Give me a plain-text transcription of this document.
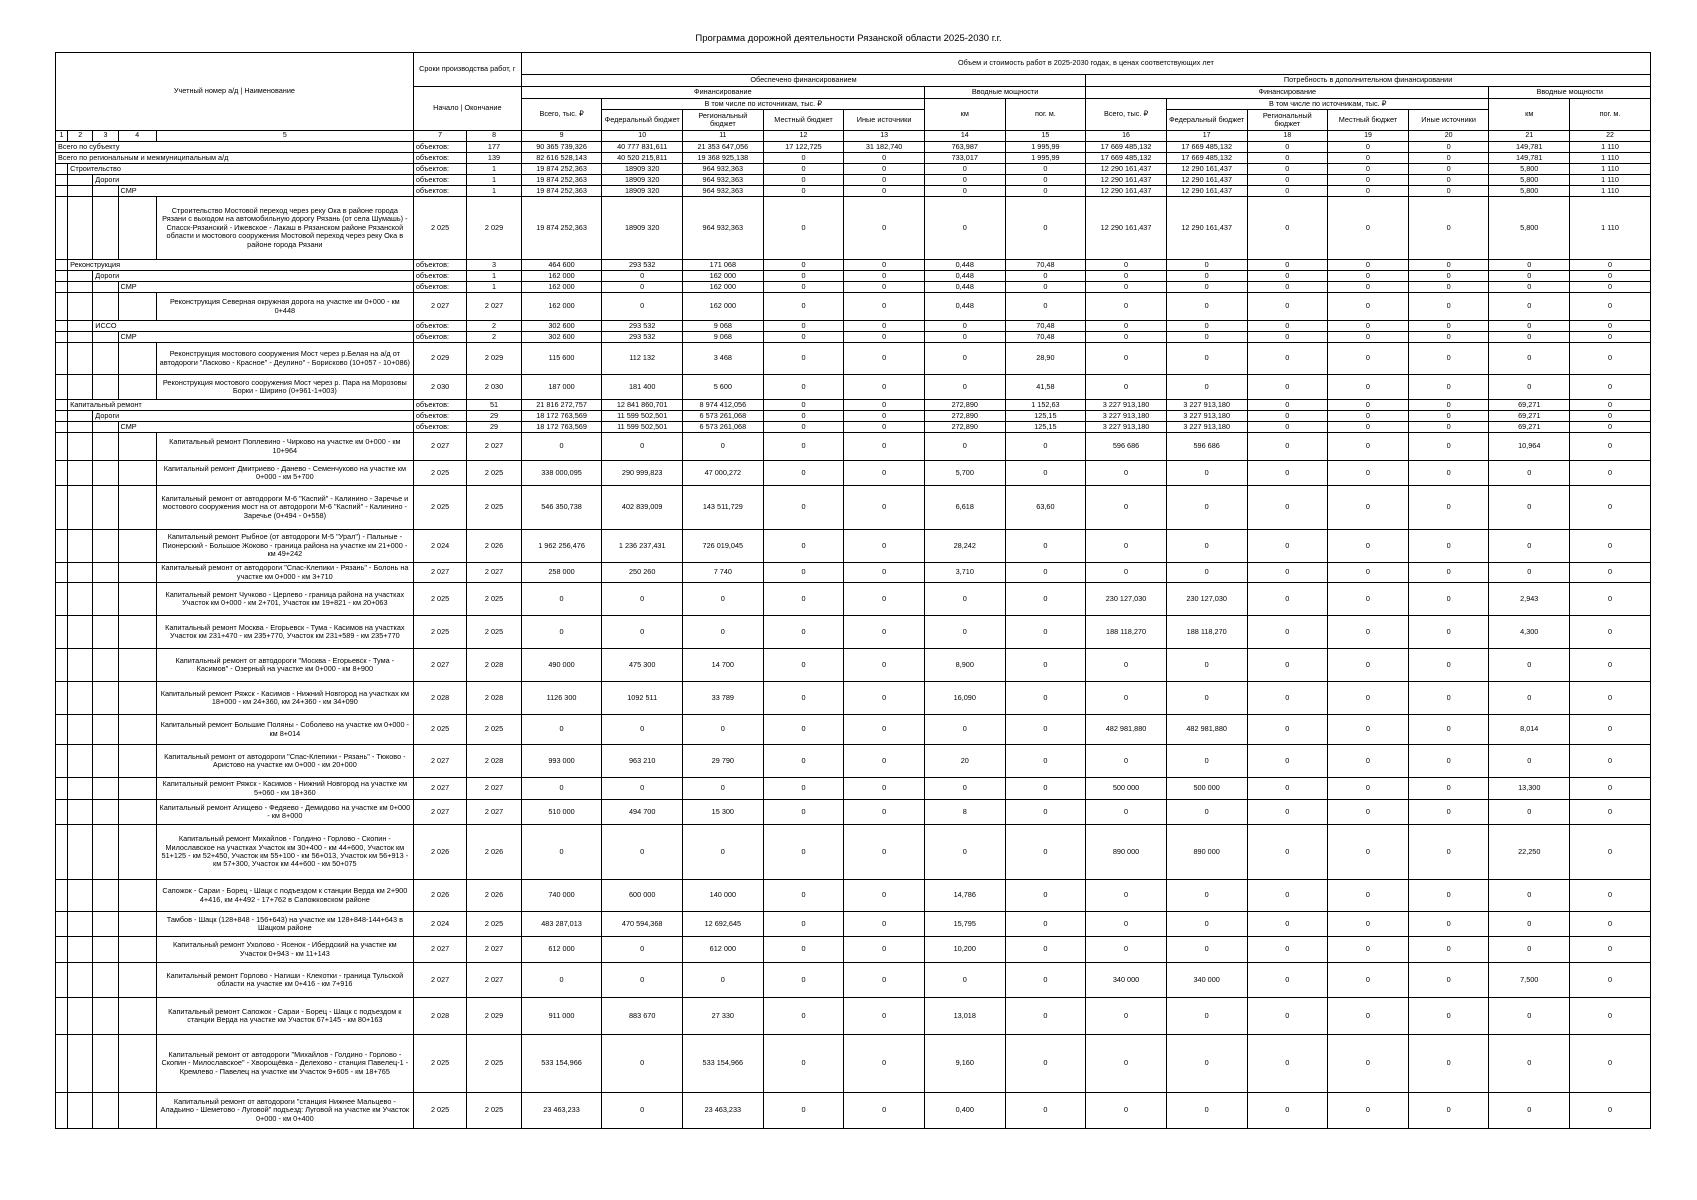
Программа дорожной деятельности Рязанской области 2025-2030 г.г.
Учетный номер а/д | Наименование					Сроки производства работ, г		Объем и стоимость работ в 2025-2030 годах, в ценах соответствующих лет													
							Обеспечено финансированием							Потребность в дополнительном финансировании						
					Начало | Окончание		Финансирование					Вводные мощности		Финансирование					Вводные мощности	
							Всего, тыс. ₽	В том числе по источникам, тыс. ₽				км	пог. м.	Всего, тыс. ₽	В том числе по источникам, тыс. ₽				км	пог. м.
								Федеральный бюджет	Региональный бюджет	Местный бюджет	Иные источники				Федеральный бюджет	Региональный бюджет	Местный бюджет	Иные источники		
1	2	3	4	5	7	8	9	10	11	12	13	14	15	16	17	18	19	20	21	22
Всего по субъекту					объектов:	177	90 365 739,326	40 777 831,611	21 353 647,056	17 122,725	31 182,740	763,987	1 995,99	17 669 485,132	17 669 485,132	0	0	0	149,781	1 110
Всего по региональным и межмуниципальным а/д					объектов:	139	82 616 528,143	40 520 215,811	19 368 925,138	0	0	733,017	1 995,99	17 669 485,132	17 669 485,132	0	0	0	149,781	1 110
	Строительство				объектов:	1	19 874 252,363	18909 320	964 932,363	0	0	0	0	12 290 161,437	12 290 161,437	0	0	0	5,800	1 110
		Дороги			объектов:	1	19 874 252,363	18909 320	964 932,363	0	0	0	0	12 290 161,437	12 290 161,437	0	0	0	5,800	1 110
			СМР		объектов:	1	19 874 252,363	18909 320	964 932,363	0	0	0	0	12 290 161,437	12 290 161,437	0	0	0	5,800	1 110
				Строительство Мостовой переход через реку Ока в районе города Рязани с выходом на автомобильную дорогу Рязань (от села Шумашь) - Спасск-Рязанский - Ижевское - Лакаш в Рязанском районе Рязанской области и мостового сооружения Мостовой переход через реку Ока в районе города Рязани	2 025	2 029	19 874 252,363	18909 320	964 932,363	0	0	0	0	12 290 161,437	12 290 161,437	0	0	0	5,800	1 110
	Реконструкция				объектов:	3	464 600	293 532	171 068	0	0	0,448	70,48	0	0	0	0	0	0	0
		Дороги			объектов:	1	162 000	0	162 000	0	0	0,448	0	0	0	0	0	0	0	0
			СМР		объектов:	1	162 000	0	162 000	0	0	0,448	0	0	0	0	0	0	0	0
				Реконструкция Северная окружная дорога на участке км 0+000 - км 0+448	2 027	2 027	162 000	0	162 000	0	0	0,448	0	0	0	0	0	0	0	0
		ИССО			объектов:	2	302 600	293 532	9 068	0	0	0	70,48	0	0	0	0	0	0	0
			СМР		объектов:	2	302 600	293 532	9 068	0	0	0	70,48	0	0	0	0	0	0	0
				Реконструкция мостового сооружения Мост через р.Белая на а/д от автодороги "Ласково - Красное" - Деулино" - Борисково (10+057 - 10+086)	2 029	2 029	115 600	112 132	3 468	0	0	0	28,90	0	0	0	0	0	0	0
				Реконструкция мостового сооружения Мост через р. Пара на Морозовы Борки - Ширино (0+961-1+003)	2 030	2 030	187 000	181 400	5 600	0	0	0	41,58	0	0	0	0	0	0	0
	Капитальный ремонт				объектов:	51	21 816 272,757	12 841 860,701	8 974 412,056	0	0	272,890	1 152,63	3 227 913,180	3 227 913,180	0	0	0	69,271	0
		Дороги			объектов:	29	18 172 763,569	11 599 502,501	6 573 261,068	0	0	272,890	125,15	3 227 913,180	3 227 913,180	0	0	0	69,271	0
			СМР		объектов:	29	18 172 763,569	11 599 502,501	6 573 261,068	0	0	272,890	125,15	3 227 913,180	3 227 913,180	0	0	0	69,271	0
				Капитальный ремонт Поплевино - Чирково на участке км 0+000 - км 10+964	2 027	2 027	0	0	0	0	0	0	0	596 686	596 686	0	0	0	10,964	0
				Капитальный ремонт Дмитриево - Данево - Семенчуково на участке км 0+000 - км 5+700	2 025	2 025	338 000,095	290 999,823	47 000,272	0	0	5,700	0	0	0	0	0	0	0	0
				Капитальный ремонт от автодороги М-6 "Каспий" - Калинино - Заречье и мостового сооружения мост на от автодороги М-6 "Каспий" - Калинино - Заречье (0+494 - 0+558)	2 025	2 025	546 350,738	402 839,009	143 511,729	0	0	6,618	63,60	0	0	0	0	0	0	0
				Капитальный ремонт Рыбное (от автодороги М-5 "Урал") - Пальные - Пионерский - Большое Жоково - граница района на участке км 21+000 - км 49+242	2 024	2 026	1 962 256,476	1 236 237,431	726 019,045	0	0	28,242	0	0	0	0	0	0	0	0
				Капитальный ремонт от автодороги "Спас-Клепики - Рязань" - Болонь на участке км 0+000 - км 3+710	2 027	2 027	258 000	250 260	7 740	0	0	3,710	0	0	0	0	0	0	0	0
				Капитальный ремонт Чучково - Церлево - граница района на участках Участок км 0+000 - км 2+701, Участок км 19+821 - км 20+063	2 025	2 025	0	0	0	0	0	0	0	230 127,030	230 127,030	0	0	0	2,943	0
				Капитальный ремонт Москва - Егорьевск - Тума - Касимов на участках Участок км 231+470 - км 235+770, Участок км 231+589 - км 235+770	2 025	2 025	0	0	0	0	0	0	0	188 118,270	188 118,270	0	0	0	4,300	0
				Капитальный ремонт от автодороги "Москва - Егорьевск - Тума - Касимов" - Озерный на участке км 0+000 - км 8+900	2 027	2 028	490 000	475 300	14 700	0	0	8,900	0	0	0	0	0	0	0	0
				Капитальный ремонт Ряжск - Касимов - Нижний Новгород на участках км 18+000 - км 24+360, км 24+360 - км 34+090	2 028	2 028	1126 300	1092 511	33 789	0	0	16,090	0	0	0	0	0	0	0	0
				Капитальный ремонт Большие Поляны - Соболево на участке км 0+000 - км 8+014	2 025	2 025	0	0	0	0	0	0	0	482 981,880	482 981,880	0	0	0	8,014	0
				Капитальный ремонт от автодороги "Спас-Клепики - Рязань" - Тюково - Аристово на участке км 0+000 - км 20+000	2 027	2 028	993 000	963 210	29 790	0	0	20	0	0	0	0	0	0	0	0
				Капитальный ремонт Ряжск - Касимов - Нижний Новгород на участке км 5+060 - км 18+360	2 027	2 027	0	0	0	0	0	0	0	500 000	500 000	0	0	0	13,300	0
				Капитальный ремонт Агищево - Федяево - Демидово на участке км 0+000 - км 8+000	2 027	2 027	510 000	494 700	15 300	0	0	8	0	0	0	0	0	0	0	0
				Капитальный ремонт Михайлов - Голдино - Горлово - Скопин - Милославское на участках Участок км 30+400 - км 44+600, Участок км 51+125 - км 52+450, Участок км 55+100 - км 56+013, Участок км 56+913 - км 57+300, Участок км 44+600 - км 50+075	2 026	2 026	0	0	0	0	0	0	0	890 000	890 000	0	0	0	22,250	0
				Сапожок - Сараи - Борец - Шацк с подъездом к станции Верда км 2+900 4+416, км 4+492 - 17+762 в Сапожковском районе	2 026	2 026	740 000	600 000	140 000	0	0	14,786	0	0	0	0	0	0	0	0
				Тамбов - Шацк (128+848 - 156+643) на участке км 128+848-144+643 в Шацком районе	2 024	2 025	483 287,013	470 594,368	12 692,645	0	0	15,795	0	0	0	0	0	0	0	0
				Капитальный ремонт Ухолово - Ясенок - Ибердский на участке км Участок 0+943 - км 11+143	2 027	2 027	612 000	0	612 000	0	0	10,200	0	0	0	0	0	0	0	0
				Капитальный ремонт Горлово - Нагиши - Клекотки - граница Тульской области на участке км 0+416 - км 7+916	2 027	2 027	0	0	0	0	0	0	0	340 000	340 000	0	0	0	7,500	0
				Капитальный ремонт Сапожок - Сараи - Борец - Шацк с подъездом к станции Верда на участке км Участок 67+145 - км 80+163	2 028	2 029	911 000	883 670	27 330	0	0	13,018	0	0	0	0	0	0	0	0
				Капитальный ремонт от автодороги "Михайлов - Голдино - Горлово - Скопин - Милославское" - Хворощёвка - Делехово - станция Павелец-1 - Кремлево - Павелец на участке км Участок 9+605 - км 18+765	2 025	2 025	533 154,966	0	533 154,966	0	0	9,160	0	0	0	0	0	0	0	0
				Капитальный ремонт от автодороги "станция Нижнее Мальцево - Аладьино - Шеметово - Луговой" подъезд: Луговой на участке км Участок 0+000 - км 0+400	2 025	2 025	23 463,233	0	23 463,233	0	0	0,400	0	0	0	0	0	0	0	0
